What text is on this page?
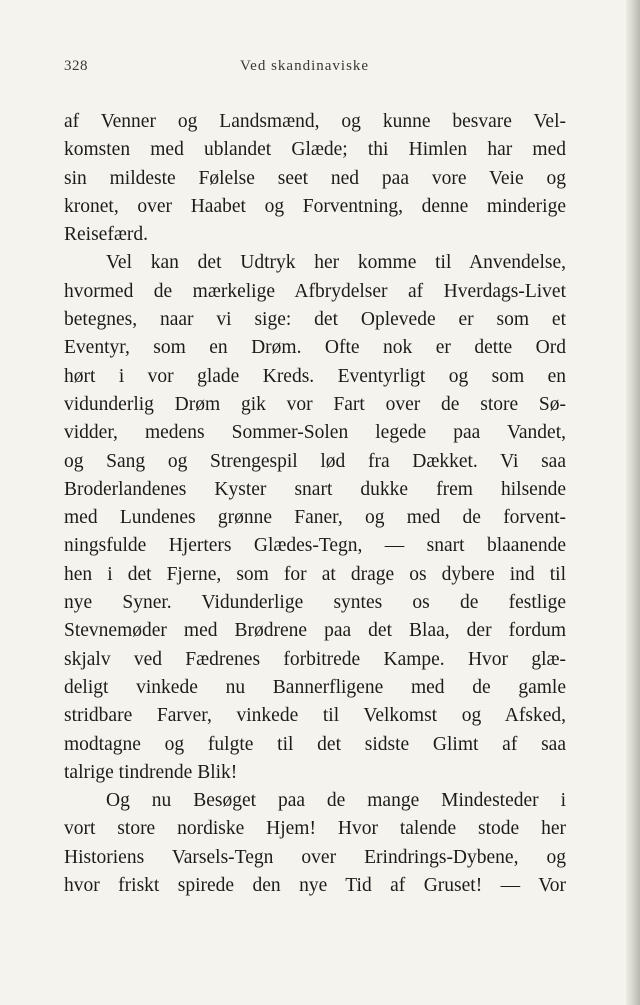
328	Ved skandinaviske
af Venner og Landsmænd, og kunne besvare Vel-
komsten med ublandet Glæde; thi Himlen har med
sin mildeste Følelse seet ned paa vore Veie og
kronet, over Haabet og Forventning, denne minderige
Reisefærd.
Vel kan det Udtryk her komme til Anvendelse,
hvormed de mærkelige Afbrydelser af Hverdags-Livet
betegnes, naar vi sige: det Oplevede er som et
Eventyr, som en Drøm. Ofte nok er dette Ord
hørt i vor glade Kreds. Eventyrligt og som en
vidunderlig Drøm gik vor Fart over de store Sø-
vidder, medens Sommer-Solen legede paa Vandet,
og Sang og Strengespil lød fra Dækket. Vi saa
Broderlandenes Kyster snart dukke frem hilsende
med Lundenes grønne Faner, og med de forvent-
ningsfulde Hjerters Glædes-Tegn, — snart blaanende
hen i det Fjerne, som for at drage os dybere ind til
nye Syner. Vidunderlige syntes os de festlige
Stevnemøder med Brødrene paa det Blaa, der fordum
skjalv ved Fædrenes forbitrede Kampe. Hvor glæ-
deligt vinkede nu Bannerfligene med de gamle
stridbare Farver, vinkede til Velkomst og Afsked,
modtagne og fulgte til det sidste Glimt af saa
talrige tindrende Blik!
Og nu Besøget paa de mange Mindesteder i
vort store nordiske Hjem! Hvor talende stode her
Historiens Varsels-Tegn over Erindrings-Dybene, og
hvor friskt spirede den nye Tid af Gruset! — Vor
